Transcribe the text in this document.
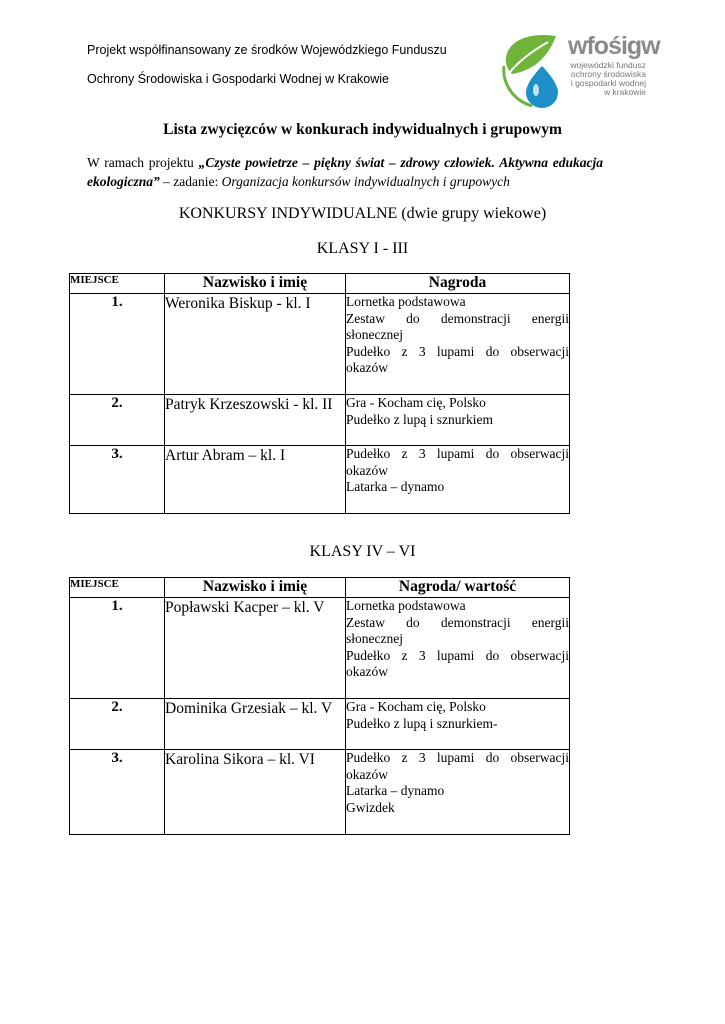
Projekt współfinansowany ze środków Wojewódzkiego Funduszu
Ochrony Środowiska i Gospodarki Wodnej w Krakowie
wfośigw
wojewódzki fundusz
ochrony środowiska
i gospodarki wodnej
w krakowie
Lista zwycięzców w konkurach indywidualnych i grupowym
W ramach projektu „Czyste powietrze – piękny świat – zdrowy człowiek. Aktywna edukacja ekologiczna” – zadanie: Organizacja konkursów indywidualnych i grupowych
KONKURSY INDYWIDUALNE (dwie grupy wiekowe)
KLASY I - III
MIEJSCE	Nazwisko i imię	Nagroda
1.	Weronika Biskup - kl. I	Lornetka podstawowa
Zestaw do demonstracji energii słonecznej
Pudełko z 3 lupami do obserwacji okazów

2.	Patryk Krzeszowski - kl. II	Gra - Kocham cię, Polsko
Pudełko z lupą i sznurkiem

3.	Artur Abram – kl. I	Pudełko z 3 lupami do obserwacji okazów
Latarka – dynamo
KLASY IV – VI
MIEJSCE	Nazwisko i imię	Nagroda/ wartość
1.	Popławski Kacper – kl. V	Lornetka podstawowa
Zestaw do demonstracji energii słonecznej
Pudełko z 3 lupami do obserwacji okazów

2.	Dominika Grzesiak – kl. V	Gra - Kocham cię, Polsko
Pudełko z lupą i sznurkiem-

3.	Karolina Sikora – kl. VI	Pudełko z 3 lupami do obserwacji okazów
Latarka – dynamo
Gwizdek
